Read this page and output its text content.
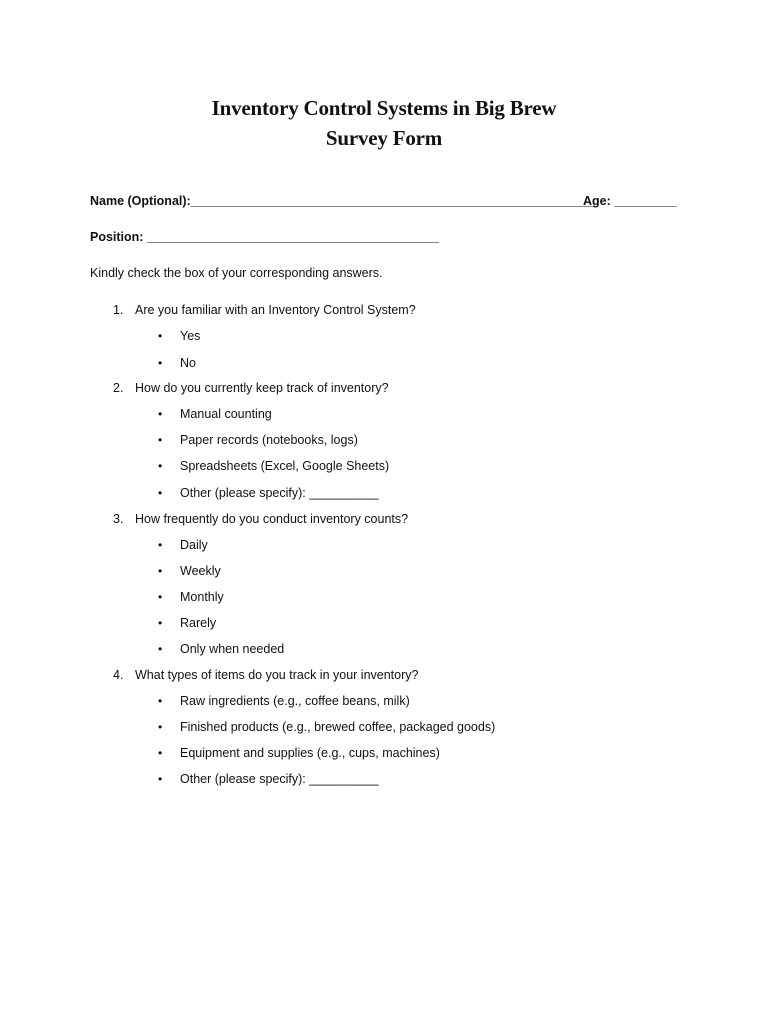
Inventory Control Systems in Big Brew
Survey Form
Name (Optional):__________________________________________________________
Age: _________
Position: __________________________________________
Kindly check the box of your corresponding answers.
1. Are you familiar with an Inventory Control System?
• Yes
• No
2. How do you currently keep track of inventory?
• Manual counting
• Paper records (notebooks, logs)
• Spreadsheets (Excel, Google Sheets)
• Other (please specify): __________
3. How frequently do you conduct inventory counts?
• Daily
• Weekly
• Monthly
• Rarely
• Only when needed
4. What types of items do you track in your inventory?
• Raw ingredients (e.g., coffee beans, milk)
• Finished products (e.g., brewed coffee, packaged goods)
• Equipment and supplies (e.g., cups, machines)
• Other (please specify): __________
